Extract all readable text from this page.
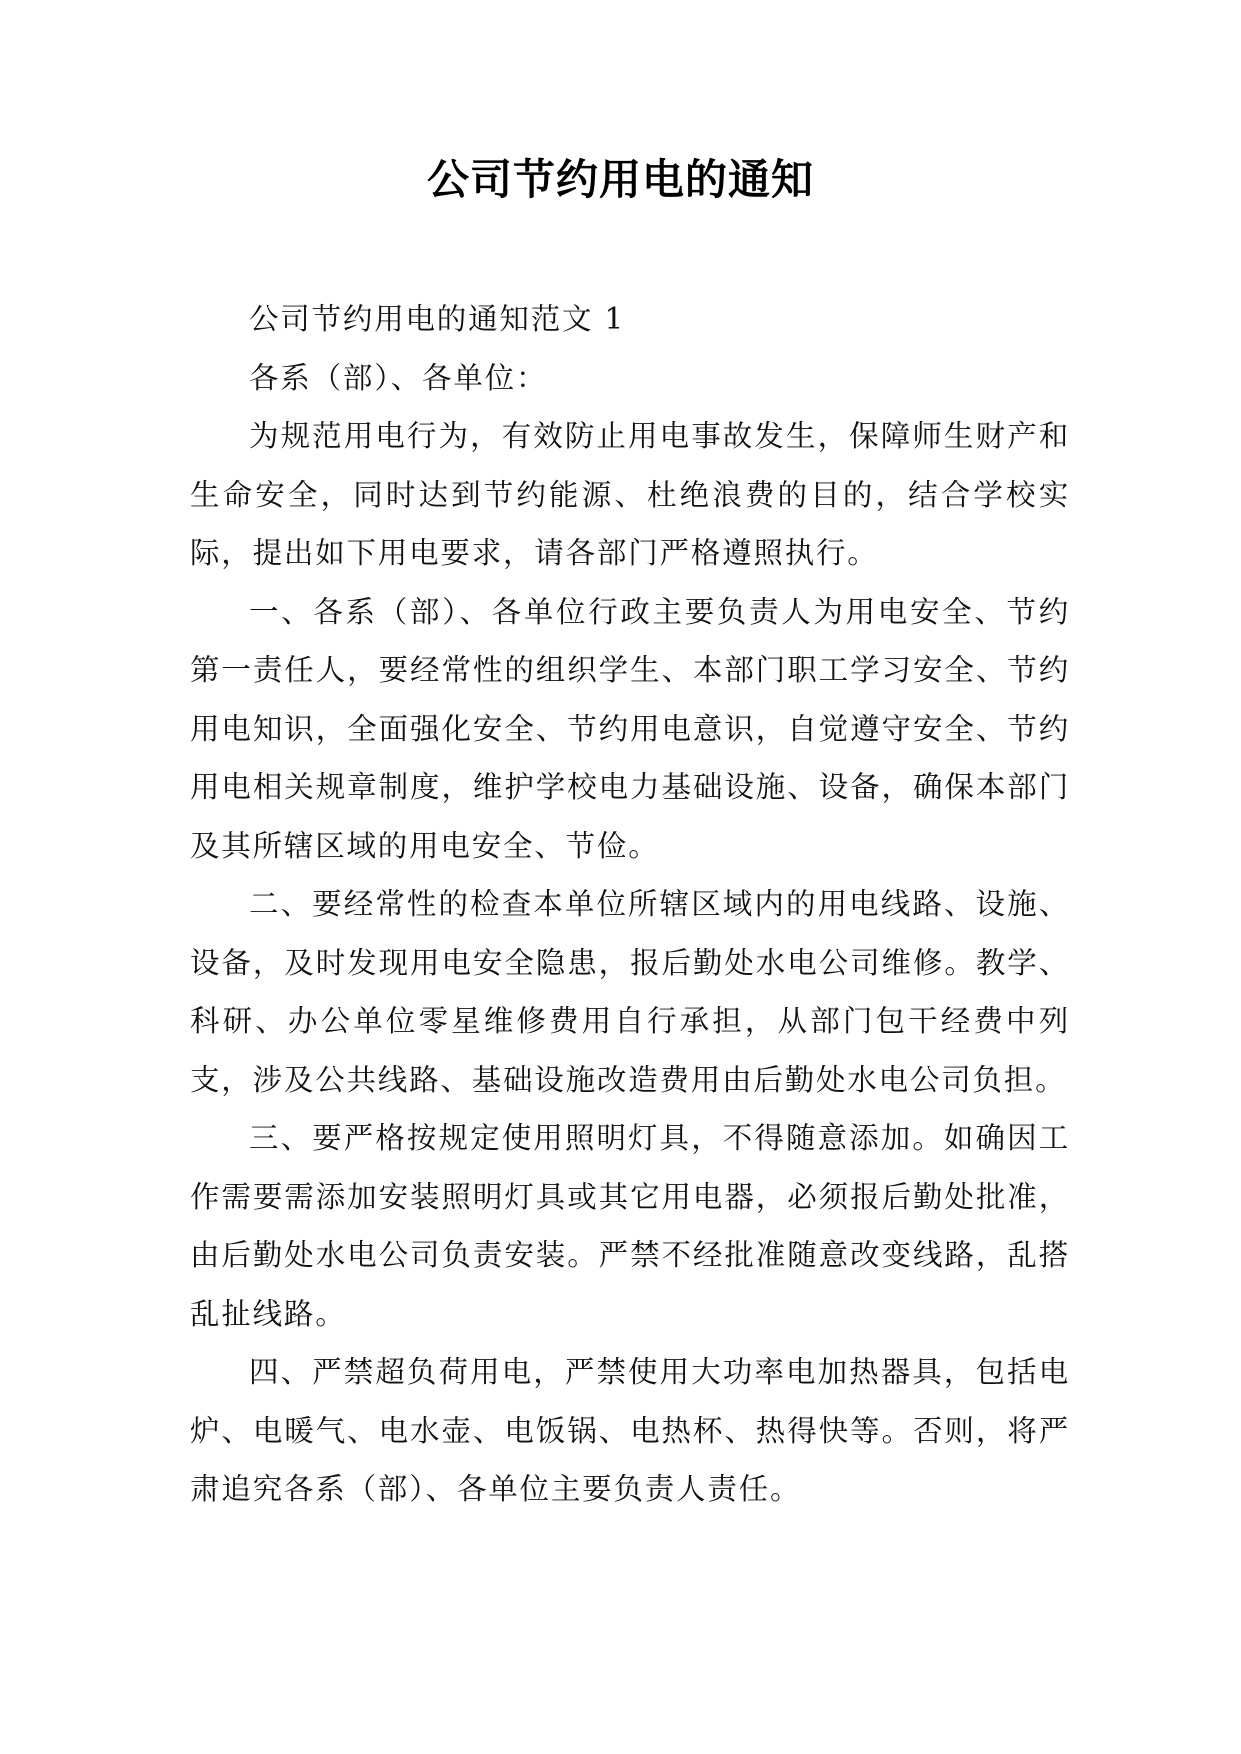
公司节约用电的通知

公司节约用电的通知范文 1

各系（部）、各单位：

为规范用电行为，有效防止用电事故发生，保障师生财产和生命安全，同时达到节约能源、杜绝浪费的目的，结合学校实际，提出如下用电要求，请各部门严格遵照执行。

一、各系（部）、各单位行政主要负责人为用电安全、节约第一责任人，要经常性的组织学生、本部门职工学习安全、节约用电知识，全面强化安全、节约用电意识，自觉遵守安全、节约用电相关规章制度，维护学校电力基础设施、设备，确保本部门及其所辖区域的用电安全、节俭。

二、要经常性的检查本单位所辖区域内的用电线路、设施、设备，及时发现用电安全隐患，报后勤处水电公司维修。教学、科研、办公单位零星维修费用自行承担，从部门包干经费中列支，涉及公共线路、基础设施改造费用由后勤处水电公司负担。

三、要严格按规定使用照明灯具，不得随意添加。如确因工作需要需添加安装照明灯具或其它用电器，必须报后勤处批准，由后勤处水电公司负责安装。严禁不经批准随意改变线路，乱搭乱扯线路。

四、严禁超负荷用电，严禁使用大功率电加热器具，包括电炉、电暖气、电水壶、电饭锅、电热杯、热得快等。否则，将严肃追究各系（部）、各单位主要负责人责任。
